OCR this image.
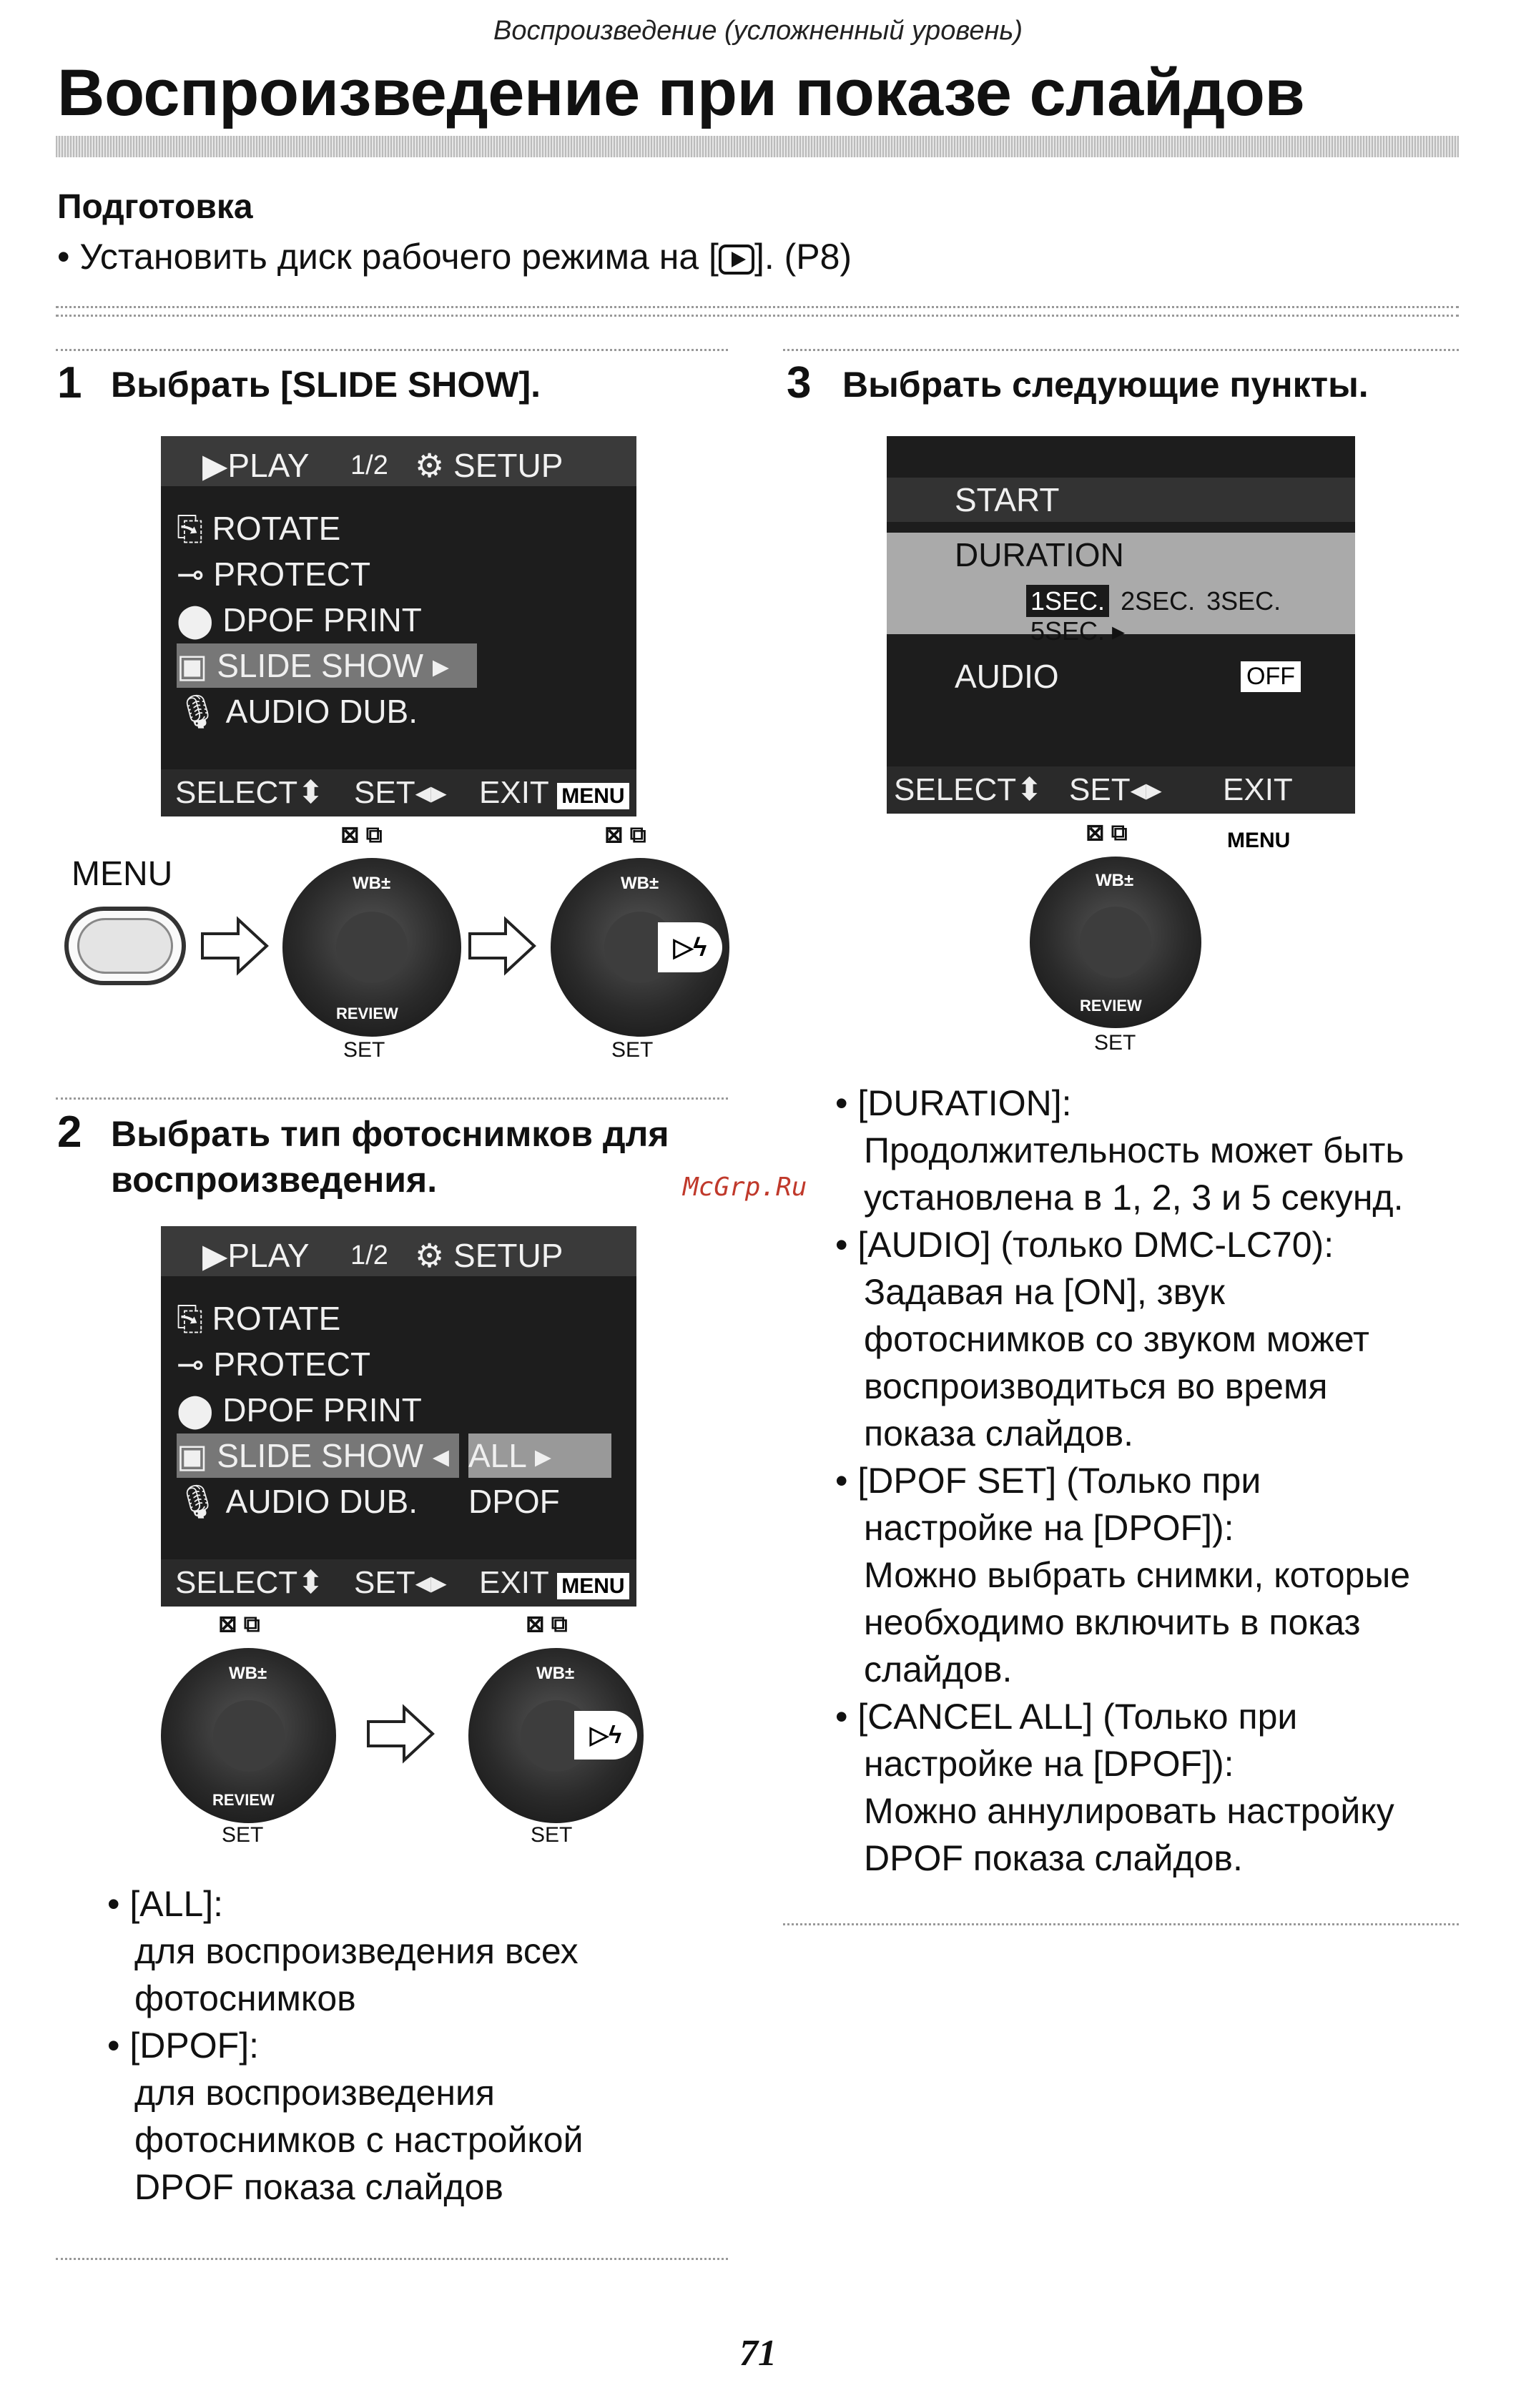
Воспроизведение (усложненный уровень)
Воспроизведение при показе слайдов
Подготовка
• Установить диск рабочего режима на [ ]. (P8)
1 Выбрать [SLIDE SHOW].
▶PLAY 1/2 ⚙ SETUP
⎘ ROTATE
⊸ PROTECT
⬤ DPOF PRINT
▣ SLIDE SHOW ▸
🎙 AUDIO DUB.
SELECT⬍ SET◂▸ EXIT MENU
MENU
⊠ ⧉
WB±
REVIEW
SET
⊠ ⧉
WB±
▷ϟ
SET
2 Выбрать тип фотоснимков для
воспроизведения.	McGrp.Ru
▶PLAY 1/2 ⚙ SETUP
⎘ ROTATE
⊸ PROTECT
⬤ DPOF PRINT
▣ SLIDE SHOW ◂
🎙 AUDIO DUB.
ALL ▸
DPOF
SELECT⬍ SET◂▸ EXIT MENU
⊠ ⧉
WB±
REVIEW
SET
⊠ ⧉
WB±
▷ϟ
SET
• [ALL]:
для воспроизведения всех
фотоснимков
• [DPOF]:
для воспроизведения
фотоснимков с настройкой
DPOF показа слайдов
3 Выбрать следующие пункты.
START
DURATION
1SEC. 2SEC. 3SEC. 5SEC. ▸
AUDIO	OFF
SELECT⬍ SET◂▸ EXIT MENU
⊠ ⧉
WB±
REVIEW
SET
• [DURATION]:
Продолжительность может быть
установлена в 1, 2, 3 и 5 секунд.
• [AUDIO] (только DMC-LC70):
Задавая на [ON], звук
фотоснимков со звуком может
воспроизводиться во время
показа слайдов.
• [DPOF SET] (Только при
настройке на [DPOF]):
Можно выбрать снимки, которые
необходимо включить в показ
слайдов.
• [CANCEL ALL] (Только при
настройке на [DPOF]):
Можно аннулировать настройку
DPOF показа слайдов.
71
